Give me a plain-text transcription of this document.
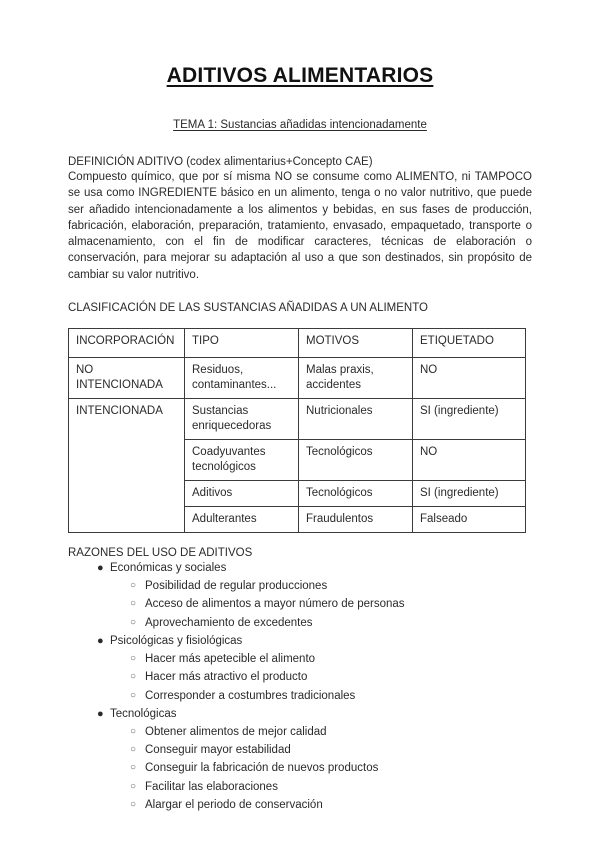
ADITIVOS ALIMENTARIOS
TEMA 1: Sustancias añadidas intencionadamente
DEFINICIÓN ADITIVO (codex alimentarius+Concepto CAE)

Compuesto químico, que por sí misma NO se consume como ALIMENTO, ni TAMPOCO se usa como INGREDIENTE básico en un alimento, tenga o no valor nutritivo, que puede ser añadido intencionadamente a los alimentos y bebidas, en sus fases de producción, fabricación, elaboración, preparación, tratamiento, envasado, empaquetado, transporte o almacenamiento, con el fin de modificar caracteres, técnicas de elaboración o conservación, para mejorar su adaptación al uso a que son destinados, sin propósito de cambiar su valor nutritivo.

CLASIFICACIÓN DE LAS SUSTANCIAS AÑADIDAS A UN ALIMENTO
INCORPORACIÓN	TIPO	MOTIVOS	ETIQUETADO
NO INTENCIONADA	Residuos, contaminantes...	Malas praxis, accidentes	NO
INTENCIONADA	Sustancias enriquecedoras	Nutricionales	SI (ingrediente)
	Coadyuvantes tecnológicos	Tecnológicos	NO
	Aditivos	Tecnológicos	SI (ingrediente)
	Adulterantes	Fraudulentos	Falseado
RAZONES DEL USO DE ADITIVOS
● Económicas y sociales
○ Posibilidad de regular producciones
○ Acceso de alimentos a mayor número de personas
○ Aprovechamiento de excedentes
● Psicológicas y fisiológicas
○ Hacer más apetecible el alimento
○ Hacer más atractivo el producto
○ Corresponder a costumbres tradicionales
● Tecnológicas
○ Obtener alimentos de mejor calidad
○ Conseguir mayor estabilidad
○ Conseguir la fabricación de nuevos productos
○ Facilitar las elaboraciones
○ Alargar el periodo de conservación
